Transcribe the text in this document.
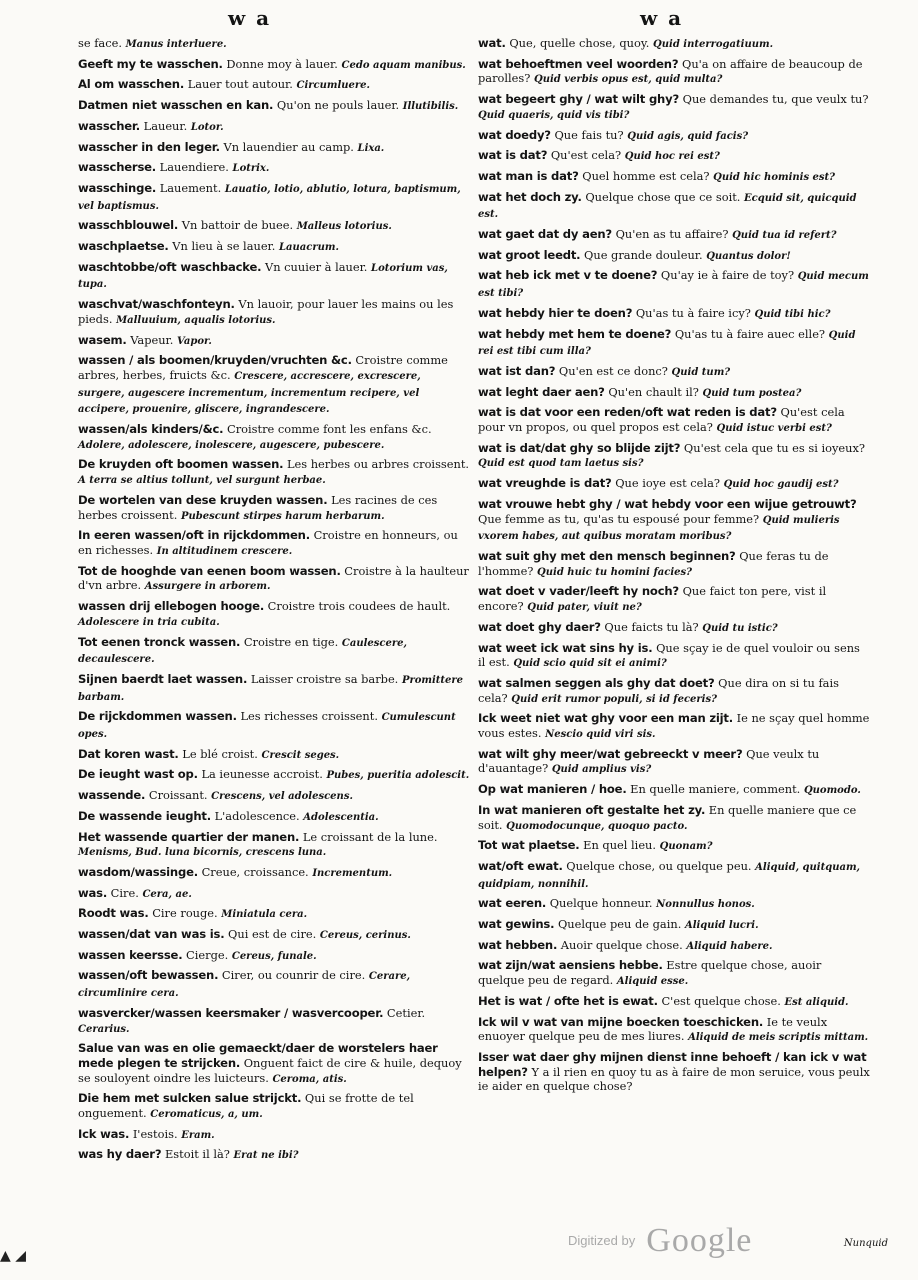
w a	w a
se face. Manus interluere.
Geeft my te wasschen. Donne moy à lauer. Cedo aquam manibus.
Al om wasschen. Lauer tout autour. Circumluere.
Datmen niet wasschen en kan. Qu'on ne pouls lauer. Illutibilis.
wasscher. Laueur. Lotor.
wasscher in den leger. Vn lauendier au camp. Lixa.
wasscherse. Lauendiere. Lotrix.
wasschinge. Lauement. Lauatio, lotio, ablutio, lotura, baptismum, vel baptismus.
wasschblouwel. Vn battoir de buee. Malleus lotorius.
waschplaetse. Vn lieu à se lauer. Lauacrum.
waschtobbe/oft waschbacke. Vn cuuier à lauer. Lotorium vas, tupa.
waschvat/waschfonteyn. Vn lauoir, pour lauer les mains ou les pieds. Malluuium, aqualis lotorius.
wasem. Vapeur. Vapor.
wassen / als boomen/kruyden/vruchten &c. Croistre comme arbres, herbes, fruicts &c. Crescere, accrescere, excrescere, surgere, augescere incrementum, incrementum recipere, vel accipere, prouenire, gliscere, ingrandescere.
wassen/als kinders/&c. Croistre comme font les enfans &c. Adolere, adolescere, inolescere, augescere, pubescere.
De kruyden oft boomen wassen. Les herbes ou arbres croissent. A terra se altius tollunt, vel surgunt herbae.
De wortelen van dese kruyden wassen. Les racines de ces herbes croissent. Pubescunt stirpes harum herbarum.
In eeren wassen/oft in rijckdommen. Croistre en honneurs, ou en richesses. In altitudinem crescere.
Tot de hooghde van eenen boom wassen. Croistre à la haulteur d'vn arbre. Assurgere in arborem.
wassen drij ellebogen hooge. Croistre trois coudees de hault. Adolescere in tria cubita.
Tot eenen tronck wassen. Croistre en tige. Caulescere, decaulescere.
Sijnen baerdt laet wassen. Laisser croistre sa barbe. Promittere barbam.
De rijckdommen wassen. Les richesses croissent. Cumulescunt opes.
Dat koren wast. Le blé croist. Crescit seges.
De ieught wast op. La ieunesse accroist. Pubes, pueritia adolescit.
wassende. Croissant. Crescens, vel adolescens.
De wassende ieught. L'adolescence. Adolescentia.
Het wassende quartier der manen. Le croissant de la lune. Menisms, Bud. luna bicornis, crescens luna.
wasdom/wassinge. Creue, croissance. Incrementum.
was. Cire. Cera, ae.
Roodt was. Cire rouge. Miniatula cera.
wassen/dat van was is. Qui est de cire. Cereus, cerinus.
wassen keersse. Cierge. Cereus, funale.
wassen/oft bewassen. Cirer, ou counrir de cire. Cerare, circumlinire cera.
wasvercker/wassen keersmaker / wasvercooper. Cetier. Cerarius.
Salue van was en olie gemaeckt/daer de worstelers haer mede plegen te strijcken. Onguent faict de cire & huile, dequoy se souloyent oindre les luicteurs. Ceroma, atis.
Die hem met sulcken salue strijckt. Qui se frotte de tel onguement. Ceromaticus, a, um.
Ick was. I'estois. Eram.
was hy daer? Estoit il là? Erat ne ibi?
wat. Que, quelle chose, quoy. Quid interrogatiuum.
wat behoeftmen veel woorden? Qu'a on affaire de beaucoup de parolles? Quid verbis opus est, quid multa?
wat begeert ghy / wat wilt ghy? Que demandes tu, que veulx tu? Quid quaeris, quid vis tibi?
wat doedy? Que fais tu? Quid agis, quid facis?
wat is dat? Qu'est cela? Quid hoc rei est?
wat man is dat? Quel homme est cela? Quid hic hominis est?
wat het doch zy. Quelque chose que ce soit. Ecquid sit, quicquid est.
wat gaet dat dy aen? Qu'en as tu affaire? Quid tua id refert?
wat groot leedt. Que grande douleur. Quantus dolor!
wat heb ick met v te doene? Qu'ay ie à faire de toy? Quid mecum est tibi?
wat hebdy hier te doen? Qu'as tu à faire icy? Quid tibi hic?
wat hebdy met hem te doene? Qu'as tu à faire auec elle? Quid rei est tibi cum illa?
wat ist dan? Qu'en est ce donc? Quid tum?
wat leght daer aen? Qu'en chault il? Quid tum postea?
wat is dat voor een reden/oft wat reden is dat? Qu'est cela pour vn propos, ou quel propos est cela? Quid istuc verbi est?
wat is dat/dat ghy so blijde zijt? Qu'est cela que tu es si ioyeux? Quid est quod tam laetus sis?
wat vreughde is dat? Que ioye est cela? Quid hoc gaudij est?
wat vrouwe hebt ghy / wat hebdy voor een wijue getrouwt? Que femme as tu, qu'as tu espousé pour femme? Quid mulieris vxorem habes, aut quibus moratam moribus?
wat suit ghy met den mensch beginnen? Que feras tu de l'homme? Quid huic tu homini facies?
wat doet v vader/leeft hy noch? Que faict ton pere, vist il encore? Quid pater, viuit ne?
wat doet ghy daer? Que faicts tu là? Quid tu istic?
wat weet ick wat sins hy is. Que sçay ie de quel vouloir ou sens il est. Quid scio quid sit ei animi?
wat salmen seggen als ghy dat doet? Que dira on si tu fais cela? Quid erit rumor populi, si id feceris?
Ick weet niet wat ghy voor een man zijt. Ie ne sçay quel homme vous estes. Nescio quid viri sis.
wat wilt ghy meer/wat gebreeckt v meer? Que veulx tu d'auantage? Quid amplius vis?
Op wat manieren / hoe. En quelle maniere, comment. Quomodo.
In wat manieren oft gestalte het zy. En quelle maniere que ce soit. Quomodocunque, quoquo pacto.
Tot wat plaetse. En quel lieu. Quonam?
wat/oft ewat. Quelque chose, ou quelque peu. Aliquid, quitquam, quidpiam, nonnihil.
wat eeren. Quelque honneur. Nonnullus honos.
wat gewins. Quelque peu de gain. Aliquid lucri.
wat hebben. Auoir quelque chose. Aliquid habere.
wat zijn/wat aensiens hebbe. Estre quelque chose, auoir quelque peu de regard. Aliquid esse.
Het is wat / ofte het is ewat. C'est quelque chose. Est aliquid.
Ick wil v wat van mijne boecken toeschicken. Ie te veulx enuoyer quelque peu de mes liures. Aliquid de meis scriptis mittam.
Isser wat daer ghy mijnen dienst inne behoeft / kan ick v wat helpen? Y a il rien en quoy tu as à faire de mon seruice, vous peulx ie aider en quelque chose?
Nunquid
$^{Digitized by}$ Google
▲ ◢
